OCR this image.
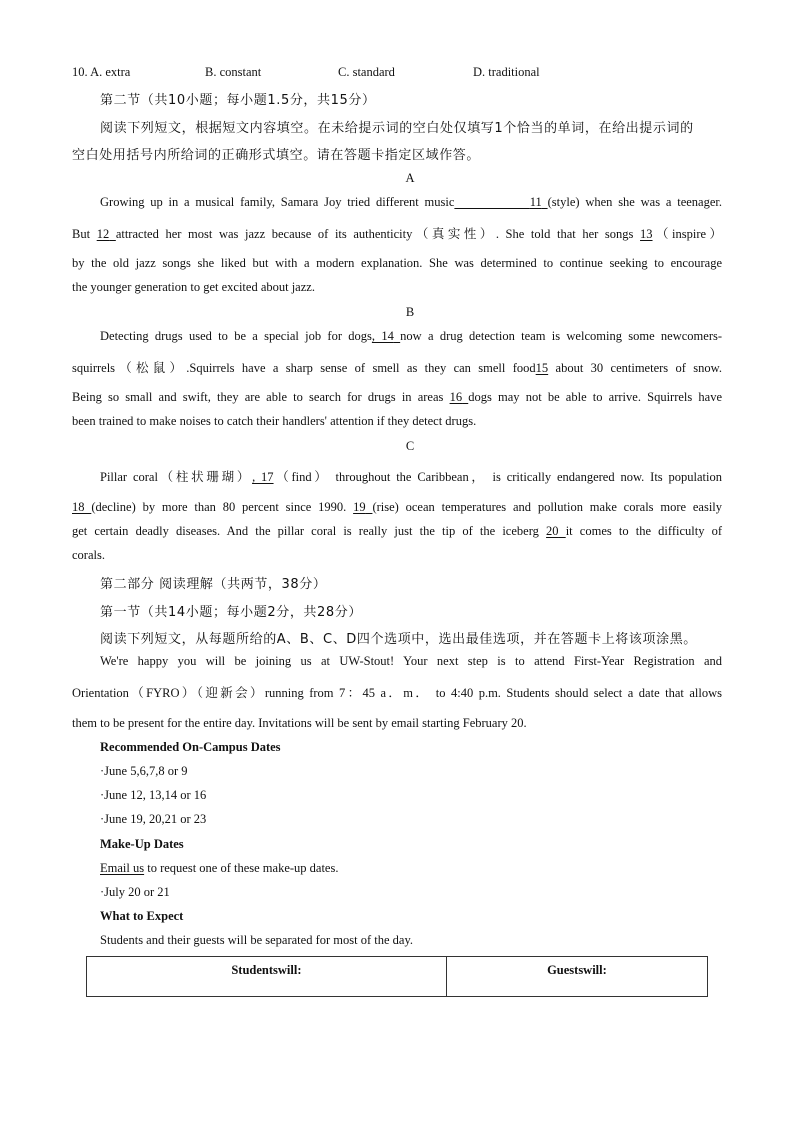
10. A. extra	B. constant	C. standard	D. traditional
第二节（共10小题；每小题1.5分，共15分）
阅读下列短文，根据短文内容填空。在未给提示词的空白处仅填写1个恰当的单词，在给出提示词的
空白处用括号内所给词的正确形式填空。请在答题卡指定区域作答。
A
Growing up in a musical family, Samara Joy tried different music	11 (style) when she was a teenager.
But 12 attracted her most was jazz because of its authenticity（真实性）. She told that her songs 13（inspire）
by the old jazz songs she liked but with a modern explanation. She was determined to continue seeking to encourage
the younger generation to get excited about jazz.
B
Detecting drugs used to be a special job for dogs, 14 now a drug detection team is welcoming some newcomers-
squirrels（松鼠）.Squirrels have a sharp sense of smell as they can smell food15 about 30 centimeters of snow.
Being so small and swift, they are able to search for drugs in areas 16 dogs may not be able to arrive. Squirrels have
been trained to make noises to catch their handlers' attention if they detect drugs.
C
Pillar coral（柱状珊瑚）, 17（find） throughout the Caribbean， is critically endangered now. Its population
18 (decline) by more than 80 percent since 1990. 19 (rise) ocean temperatures and pollution make corals more easily
get certain deadly diseases. And the pillar coral is really just the tip of the iceberg 20 it comes to the difficulty of
corals.
第二部分 阅读理解（共两节，38分）
第一节（共14小题；每小题2分，共28分）
阅读下列短文，从每题所给的A、B、C、D四个选项中，选出最佳选项，并在答题卡上将该项涂黑。
We're happy you will be joining us at UW-Stout! Your next step is to attend First-Year Registration and
Orientation（FYRO）（迎新会）running from 7：45 a．m． to 4:40 p.m. Students should select a date that allows
them to be present for the entire day. Invitations will be sent by email starting February 20.
Recommended On-Campus Dates
·June 5,6,7,8 or 9
·June 12, 13,14 or 16
·June 19, 20,21 or 23
Make-Up Dates
Email us to request one of these make-up dates.
·July 20 or 21
What to Expect
Students and their guests will be separated for most of the day.
Studentswill:	Guestswill:
